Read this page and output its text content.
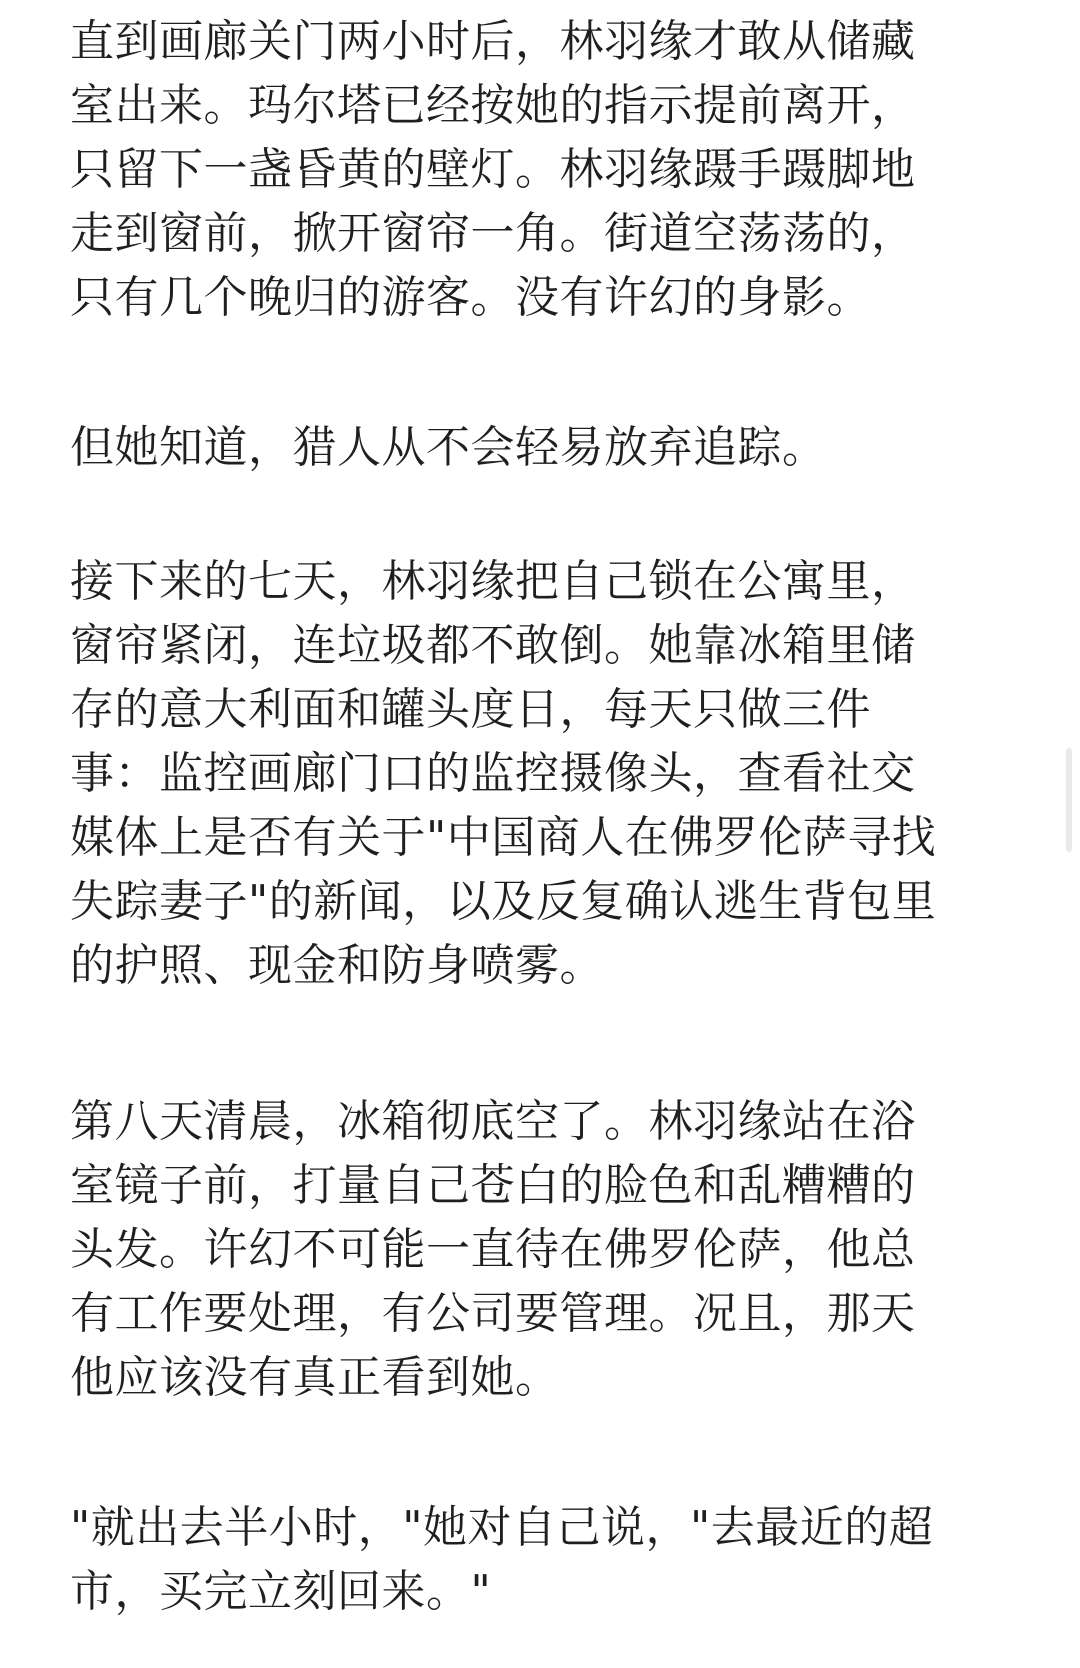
直到画廊关门两小时后，林羽缘才敢从储藏
室出来。玛尔塔已经按她的指示提前离开，
只留下一盏昏黄的壁灯。林羽缘蹑手蹑脚地
走到窗前，掀开窗帘一角。街道空荡荡的，
只有几个晚归的游客。没有许幻的身影。
但她知道，猎人从不会轻易放弃追踪。
接下来的七天，林羽缘把自己锁在公寓里，
窗帘紧闭，连垃圾都不敢倒。她靠冰箱里储
存的意大利面和罐头度日，每天只做三件
事：监控画廊门口的监控摄像头，查看社交
媒体上是否有关于"中国商人在佛罗伦萨寻找
失踪妻子"的新闻，以及反复确认逃生背包里
的护照、现金和防身喷雾。
第八天清晨，冰箱彻底空了。林羽缘站在浴
室镜子前，打量自己苍白的脸色和乱糟糟的
头发。许幻不可能一直待在佛罗伦萨，他总
有工作要处理，有公司要管理。况且，那天
他应该没有真正看到她。
"就出去半小时，"她对自己说，"去最近的超
市，买完立刻回来。"
